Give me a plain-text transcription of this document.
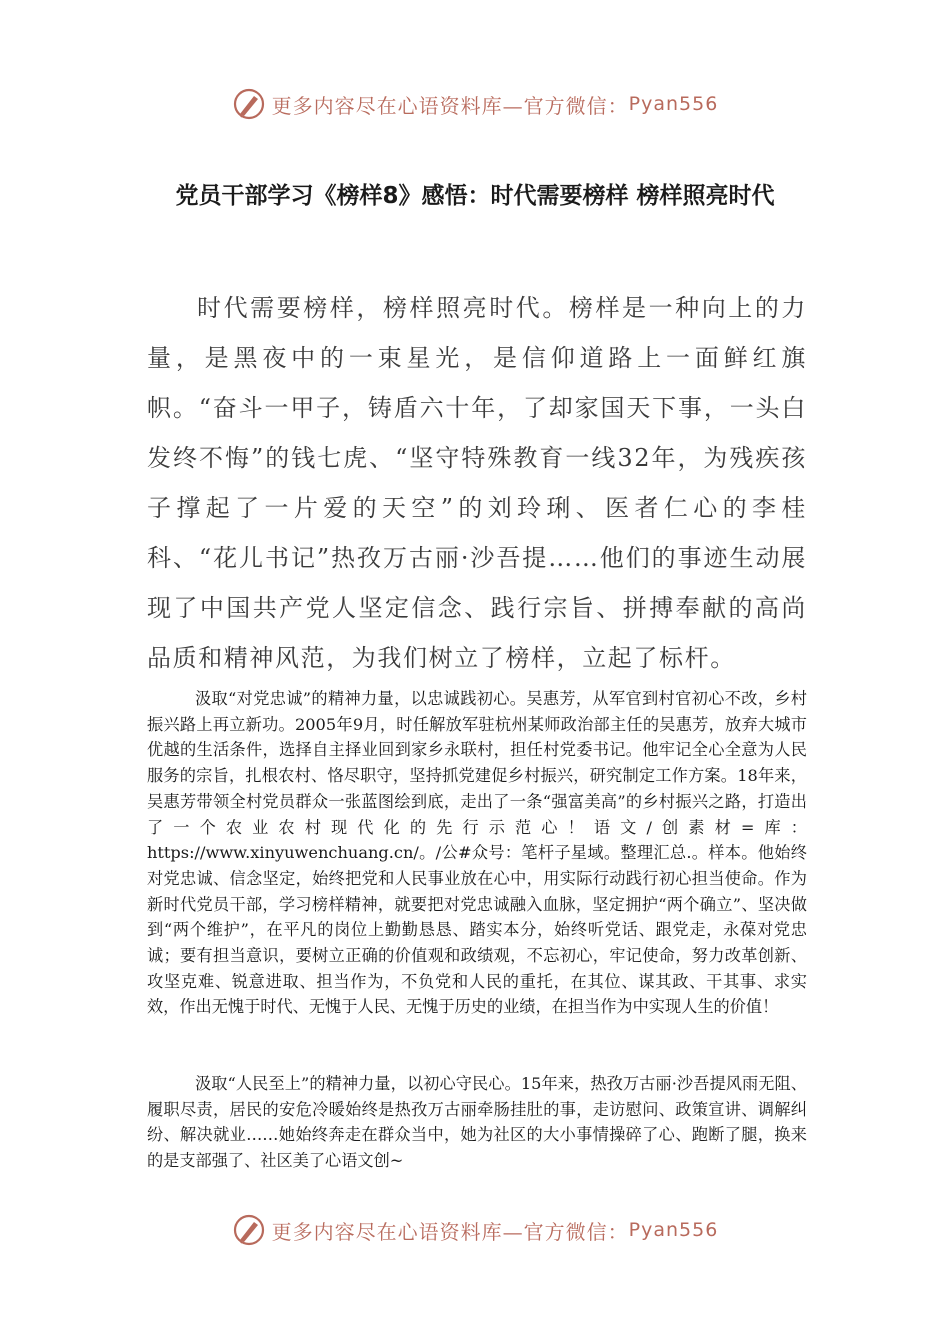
更多内容尽在心语资料库—官方微信： Pyan556
党员干部学习《榜样8》感悟：时代需要榜样 榜样照亮时代

时代需要榜样，榜样照亮时代。榜样是一种向上的力量，是黑夜中的一束星光，是信仰道路上一面鲜红旗帜。“奋斗一甲子，铸盾六十年，了却家国天下事，一头白发终不悔”的钱七虎、“坚守特殊教育一线32年，为残疾孩子撑起了一片爱的天空”的刘玲琍、医者仁心的李桂科、“花儿书记”热孜万古丽·沙吾提……他们的事迹生动展现了中国共产党人坚定信念、践行宗旨、拼搏奉献的高尚品质和精神风范，为我们树立了榜样，立起了标杆。

汲取“对党忠诚”的精神力量，以忠诚践初心。吴惠芳，从军官到村官初心不改，乡村振兴路上再立新功。2005年9月，时任解放军驻杭州某师政治部主任的吴惠芳，放弃大城市优越的生活条件，选择自主择业回到家乡永联村，担任村党委书记。他牢记全心全意为人民服务的宗旨，扎根农村、恪尽职守，坚持抓党建促乡村振兴，研究制定工作方案。18年来，吴惠芳带领全村党员群众一张蓝图绘到底，走出了一条“强富美高”的乡村振兴之路，打造出了一个农业农村现代化的先行示范心！语文/创素材=库：https://www.xinyuwenchuang.cn/。/公#众号：笔杆子星域。整理汇总.。样本。他始终对党忠诚、信念坚定，始终把党和人民事业放在心中，用实际行动践行初心担当使命。作为新时代党员干部，学习榜样精神，就要把对党忠诚融入血脉，坚定拥护“两个确立”、坚决做到“两个维护”，在平凡的岗位上勤勤恳恳、踏实本分，始终听党话、跟党走，永葆对党忠诚；要有担当意识，要树立正确的价值观和政绩观，不忘初心，牢记使命，努力改革创新、攻坚克难、锐意进取、担当作为，不负党和人民的重托，在其位、谋其政、干其事、求实效，作出无愧于时代、无愧于人民、无愧于历史的业绩，在担当作为中实现人生的价值！

汲取“人民至上”的精神力量，以初心守民心。15年来，热孜万古丽·沙吾提风雨无阻、履职尽责，居民的安危冷暖始终是热孜万古丽牵肠挂肚的事，走访慰问、政策宣讲、调解纠纷、解决就业……她始终奔走在群众当中，她为社区的大小事情操碎了心、跑断了腿，换来的是支部强了、社区美了心语文创~

更多内容尽在心语资料库—官方微信： Pyan556
